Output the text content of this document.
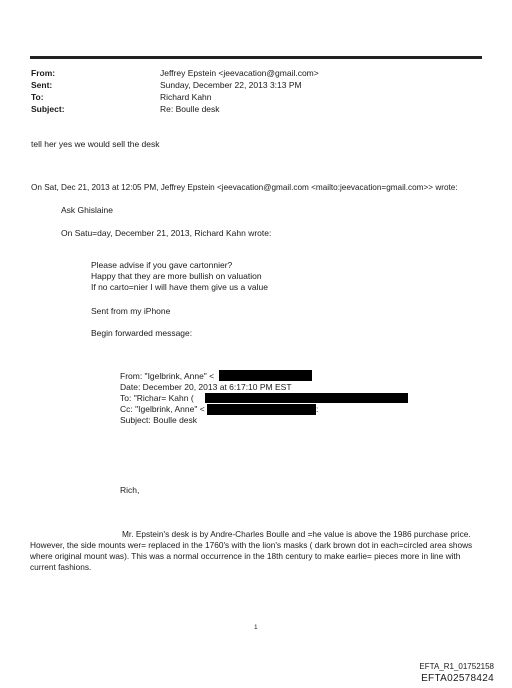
From:	Jeffrey Epstein <jeevacation@gmail.com>
Sent:	Sunday, December 22, 2013 3:13 PM
To:	Richard Kahn
Subject:	Re: Boulle desk
tell her yes we would sell the desk
On Sat, Dec 21, 2013 at 12:05 PM, Jeffrey Epstein <jeevacation@gmail.com <mailto:jeevacation=gmail.com>> wrote:
Ask Ghislaine
On Satu=day, December 21, 2013, Richard Kahn wrote:
Please advise if you gave cartonnier?
Happy that they are more bullish on valuation
If no carto=nier I will have them give us a value
Sent from my iPhone
Begin forwarded message:
From: "Igelbrink, Anne" <
Date: December 20, 2013 at 6:17:10 PM EST
To: "Richar= Kahn (
Cc: "Igelbrink, Anne" <	:
Subject: Boulle desk
Rich,
Mr. Epstein's desk is by Andre-Charles Boulle and =he value is above the 1986 purchase price. However, the side mounts wer= replaced in the 1760's with the lion's masks ( dark brown dot in each=circled area shows where original mount was). This was a normal occurrence in the 18th century to make earlie= pieces more in line with current fashions.
1
EFTA_R1_01752158
EFTA02578424
